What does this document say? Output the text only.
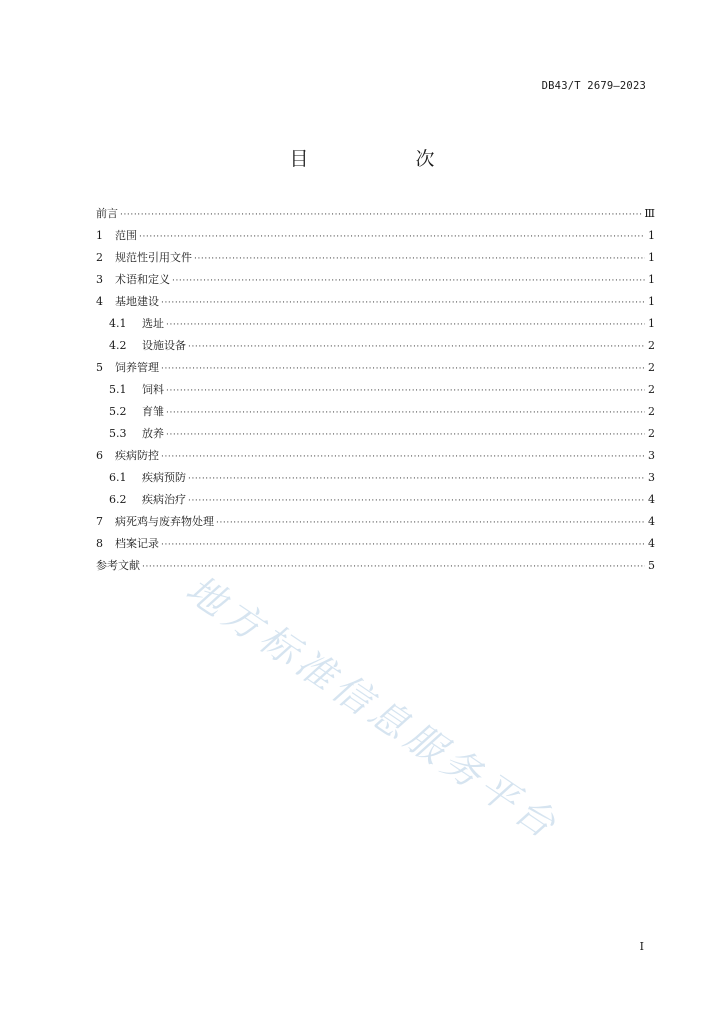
DB43/T 2679—2023
目　次
前言 ·····	Ⅲ
1	范围 ·····	1
2	规范性引用文件 ·····	1
3	术语和定义 ·····	1
4	基地建设 ·····	1
4.1	选址 ·····	1
4.2	设施设备 ·····	2
5	饲养管理 ·····	2
5.1	饲料 ·····	2
5.2	育雏 ·····	2
5.3	放养 ·····	2
6	疾病防控 ·····	3
6.1	疾病预防 ·····	3
6.2	疾病治疗 ·····	4
7	病死鸡与废弃物处理 ·····	4
8	档案记录 ·····	4
参考文献 ·····	5
地方标准信息服务平台
I
